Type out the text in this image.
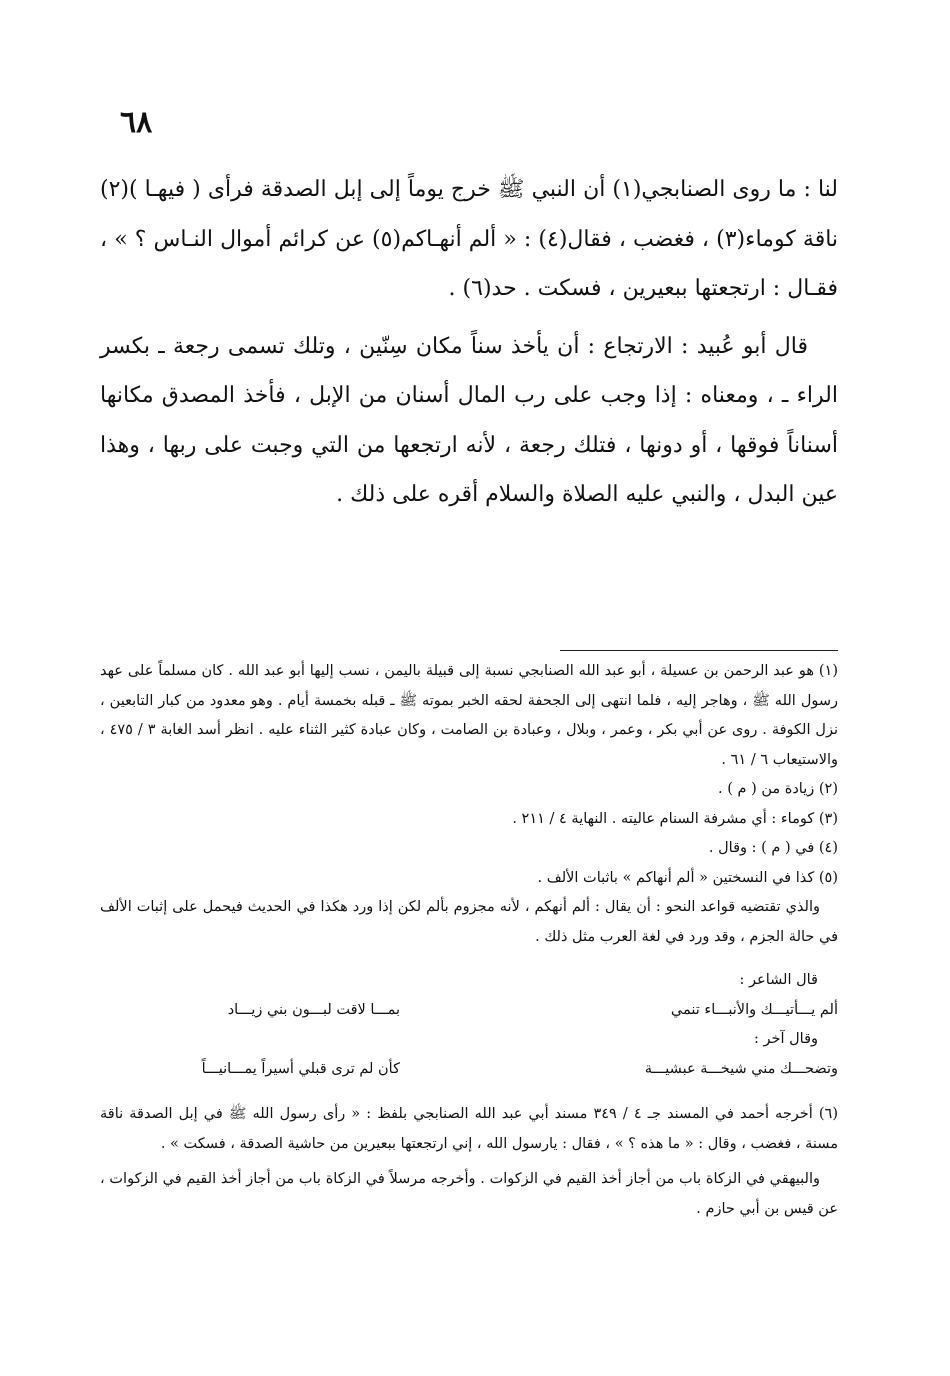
٦٨

لنا : ما روى الصنابجي(١) أن النبي ﷺ خرج يوماً إلى إبل الصدقة فرأى ( فيهـا )(٢) ناقة كوماء(٣) ، فغضب ، فقال(٤) : « ألم أنهـاكم(٥) عن كرائم أموال النـاس ؟ » ، فقـال : ارتجعتها ببعيرين ، فسكت . حد(٦) .

قال أبو عُبيد : الارتجاع : أن يأخذ سناً مكان سِنّين ، وتلك تسمى رجعة ـ بكسر الراء ـ ، ومعناه : إذا وجب على رب المال أسنان من الإبل ، فأخذ المصدق مكانها أسناناً فوقها ، أو دونها ، فتلك رجعة ، لأنه ارتجعها من التي وجبت على ربها ، وهذا عين البدل ، والنبي عليه الصلاة والسلام أقره على ذلك .

(١) هو عبد الرحمن بن عسيلة ، أبو عبد الله الصنابجي نسبة إلى قبيلة باليمن ، نسب إليها أبو عبد الله . كان مسلماً على عهد رسول الله ﷺ ، وهاجر إليه ، فلما انتهى إلى الجحفة لحقه الخبر بموته ﷺ ـ قبله بخمسة أيام . وهو معدود من كبار التابعين ، نزل الكوفة . روى عن أبي بكر ، وعمر ، وبلال ، وعبادة بن الصامت ، وكان عبادة كثير الثناء عليه . انظر أسد الغابة ٣ / ٤٧٥ ، والاستيعاب ٦ / ٦١ .

(٢) زيادة من ( م ) .

(٣) كوماء : أي مشرفة السنام عاليته . النهاية ٤ / ٢١١ .

(٤) في ( م ) : وقال .

(٥) كذا في النسختين « ألم أنهاكم » باثبات الألف .

والذي تقتضيه قواعد النحو : أن يقال : ألم أنهكم ، لأنه مجزوم بألم لكن إذا ورد هكذا في الحديث فيحمل على إثبات الألف في حالة الجزم ، وقد ورد في لغة العرب مثل ذلك .

قال الشاعر :
ألم يـــأتيـــك والأنبـــاء تنمي
بمـــا لاقت لبـــون بني زيـــاد
وقال آخر :
وتضحـــك مني شيخـــة عبشيـــة
كأن لم ترى قبلي أسيراً يمـــانيـــاً

(٦) أخرجه أحمد في المسند جـ ٤ / ٣٤٩ مسند أبي عبد الله الصنابجي بلفظ : « رأى رسول الله ﷺ في إبل الصدقة ناقة مسنة ، فغضب ، وقال : « ما هذه ؟ » ، فقال : يارسول الله ، إني ارتجعتها ببعيرين من حاشية الصدقة ، فسكت » .

والبيهقي في الزكاة باب من أجاز أخذ القيم في الزكوات . وأخرجه مرسلاً في الزكاة باب من أجاز أخذ القيم في الزكوات ، عن قيس بن أبي حازم .
